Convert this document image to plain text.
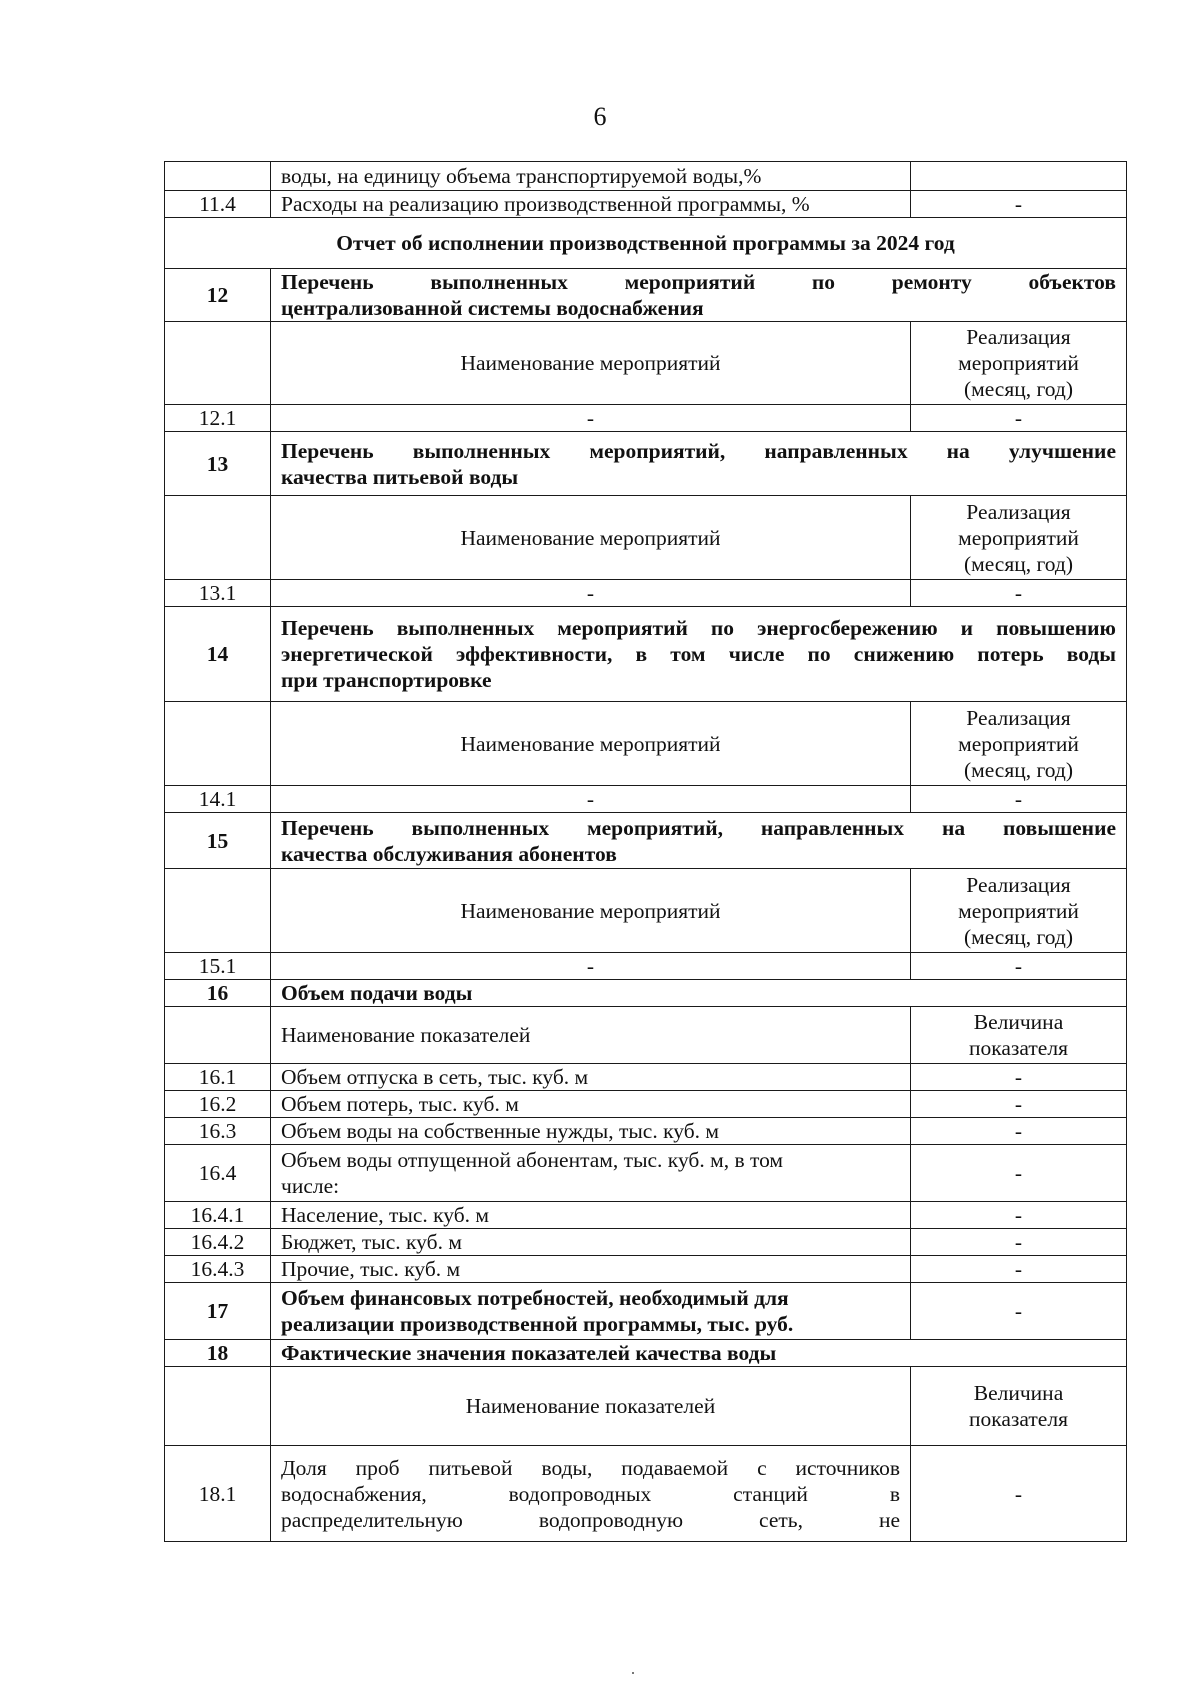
6
	воды, на единицу объема транспортируемой воды,%	
11.4	Расходы на реализацию производственной программы, %	-
Отчет об исполнении производственной программы за 2024 год		
12	Перечень выполненных мероприятий по ремонту объектов
централизованной системы водоснабжения	

	Наименование мероприятий	Реализация
мероприятий
(месяц, год)

12.1	-	-
13	Перечень выполненных мероприятий, направленных на улучшение
качества питьевой воды	

	Наименование мероприятий	Реализация
мероприятий
(месяц, год)

13.1	-	-
14	Перечень выполненных мероприятий по энергосбережению и повышению
энергетической эффективности, в том числе по снижению потерь воды
при транспортировке	

	Наименование мероприятий	Реализация
мероприятий
(месяц, год)

14.1	-	-
15	Перечень выполненных мероприятий, направленных на повышение
качества обслуживания абонентов	

	Наименование мероприятий	Реализация
мероприятий
(месяц, год)

15.1	-	-
16	Объем подачи воды	
	Наименование показателей	Величина
показателя

16.1	Объем отпуска в сеть, тыс. куб. м	-
16.2	Объем потерь, тыс. куб. м	-
16.3	Объем воды на собственные нужды, тыс. куб. м	-
16.4	Объем воды отпущенной абонентам, тыс. куб. м, в том
числе:	-
16.4.1	Население, тыс. куб. м	-
16.4.2	Бюджет, тыс. куб. м	-
16.4.3	Прочие, тыс. куб. м	-
17	Объем финансовых потребностей, необходимый для
реализации производственной программы, тыс. руб.	-
18	Фактические значения показателей качества воды	
	Наименование показателей	Величина
показателя

18.1	Доля проб питьевой воды, подаваемой с источников
водоснабжения, водопроводных станций в
распределительную водопроводную сеть, не	-
